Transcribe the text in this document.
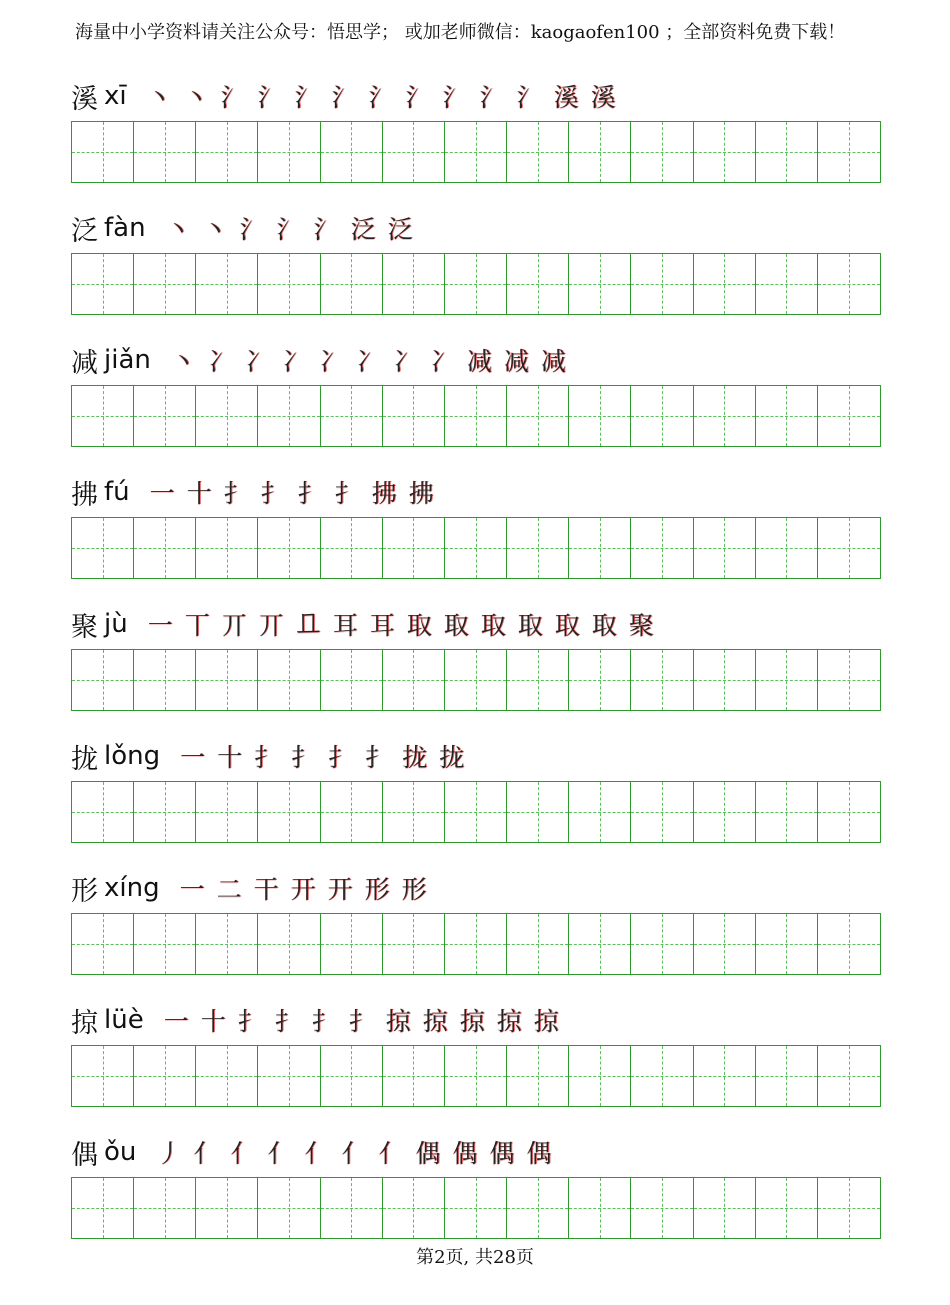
海量中小学资料请关注公众号：悟思学； 或加老师微信：kaogaofen100 ；全部资料免费下载！
溪 xī 丶 丶 氵 氵 氵 氵 氵 氵 氵 氵 氵 溪 溪
泛 fàn 丶 丶 氵 氵 氵 泛 泛
减 jiǎn 丶 冫 冫 冫 冫 冫 冫 冫 减 减 减
拂 fú 一 十 扌 扌 扌 扌 拂 拂
聚 jù 一 丅 丌 丌 𠀃 耳 耳 取 取 取 取 取 取 聚
拢 lǒng 一 十 扌 扌 扌 扌 拢 拢
形 xíng 一 二 干 开 开 形 形
掠 lüè 一 十 扌 扌 扌 扌 掠 掠 掠 掠 掠
偶 ǒu 丿 亻 亻 亻 亻 亻 亻 偶 偶 偶 偶
第2页, 共28页
